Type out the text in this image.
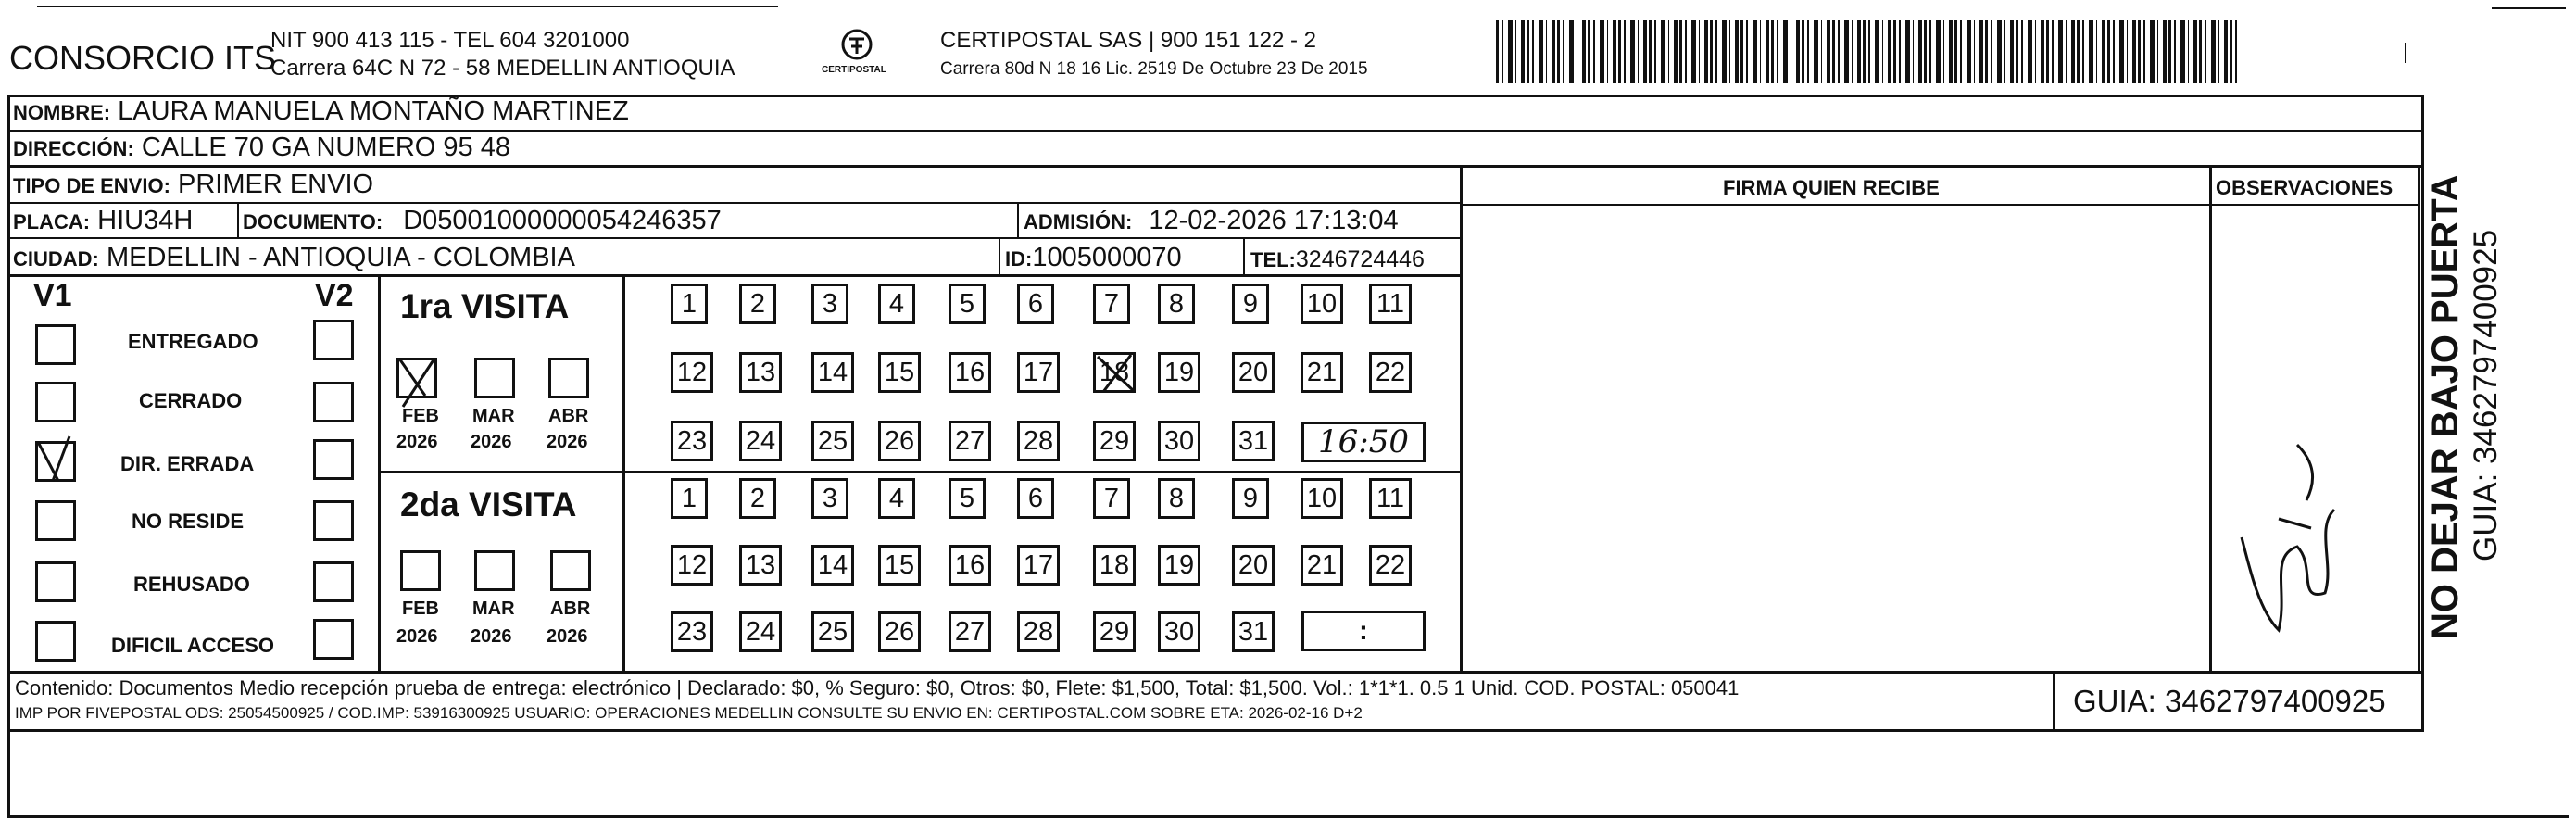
CONSORCIO ITS
NIT 900 413 115 - TEL 604 3201000
Carrera 64C N 72 - 58 MEDELLIN ANTIOQUIA	CERTIPOSTAL
CERTIPOSTAL SAS | 900 151 122 - 2
Carrera 80d N 18 16 Lic. 2519 De Octubre 23 De 2015
NOMBRE: LAURA MANUELA MONTAÑO MARTINEZ
DIRECCIÓN: CALLE 70 GA NUMERO 95 48
TIPO DE ENVIO: PRIMER ENVIO	FIRMA QUIEN RECIBE	OBSERVACIONES
PLACA: HIU34H DOCUMENTO: D05001000000054246357	ADMISIÓN: 12-02-2026 17:13:04
CIUDAD: MEDELLIN - ANTIOQUIA - COLOMBIA	ID:1005000070	TEL:3246724446
V1	V2
ENTREGADO
CERRADO
DIR. ERRADA
NO RESIDE
REHUSADO
DIFICIL ACCESO
1ra VISITA
FEB MAR ABR
2026 2026 2026
2da VISITA
FEB MAR ABR
2026 2026 2026
1	2	3	4	5	6	7	8	9	10 11
12 13 14 15 16 17 18 19 20 21 22
23 24 25 26 27 28 29 30 31
1	2	3	4	5	6	7	8	9	10 11
12 13 14 15 16 17 18 19 20 21 22
23 24 25 26 27 28 29 30 31
16:50
:
Contenido: Documentos Medio recepción prueba de entrega: electrónico | Declarado: $0, % Seguro: $0, Otros: $0, Flete: $1,500, Total: $1,500. Vol.: 1*1*1. 0.5 1 Unid. COD. POSTAL: 050041
IMP POR FIVEPOSTAL ODS: 25054500925 / COD.IMP: 53916300925 USUARIO: OPERACIONES MEDELLIN CONSULTE SU ENVIO EN: CERTIPOSTAL.COM SOBRE ETA: 2026-02-16 D+2	GUIA: 3462797400925
NO DEJAR BAJO PUERTA GUIA: 3462797400925
